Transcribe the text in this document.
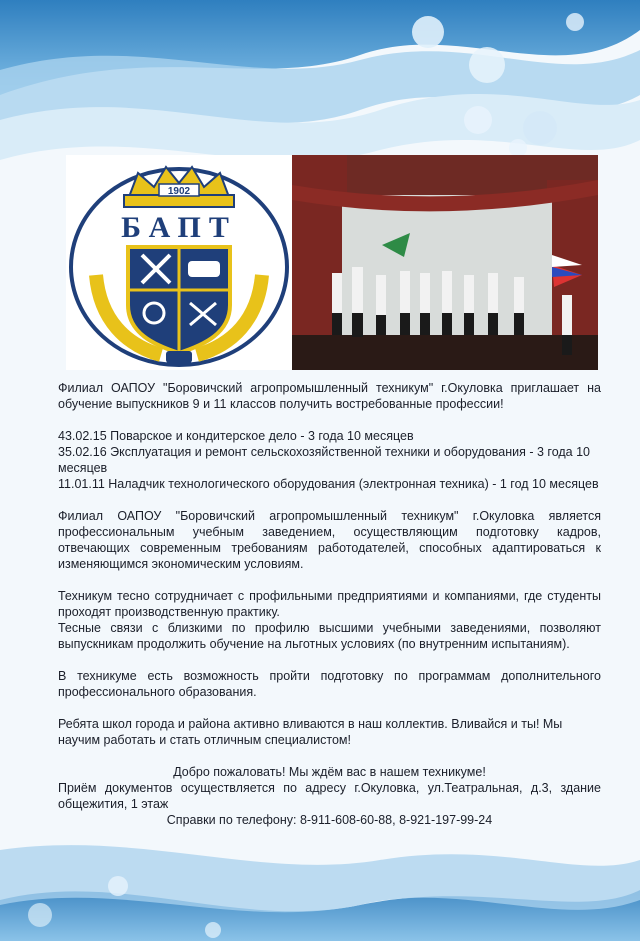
1902
БАПТ

Филиал ОАПОУ "Боровичский агропромышленный техникум" г.Окуловка приглашает на обучение выпускников 9 и 11 классов получить востребованные профессии!

43.02.15 Поварское и кондитерское дело - 3 года 10 месяцев

35.02.16 Эксплуатация и ремонт сельскохозяйственной техники и оборудования - 3 года 10 месяцев

11.01.11 Наладчик технологического оборудования (электронная техника) - 1 год 10 месяцев

Филиал ОАПОУ "Боровичский агропромышленный техникум" г.Окуловка является профессиональным учебным заведением, осуществляющим подготовку кадров, отвечающих современным требованиям работодателей, способных адаптироваться к изменяющимся экономическим условиям.

Техникум тесно сотрудничает с профильными предприятиями и компаниями, где студенты проходят производственную практику.

Тесные связи с близкими по профилю высшими учебными заведениями, позволяют выпускникам продолжить обучение на льготных условиях (по внутренним испытаниям).

В техникуме есть возможность пройти подготовку по программам дополнительного профессионального образования.

Ребята школ города и района активно вливаются в наш коллектив. Вливайся и ты! Мы научим работать и стать отличным специалистом!

Добро пожаловать! Мы ждём вас в нашем техникуме!

Приём документов осуществляется по адресу г.Окуловка, ул.Театральная, д.3, здание общежития, 1 этаж

Справки по телефону: 8-911-608-60-88, 8-921-197-99-24
